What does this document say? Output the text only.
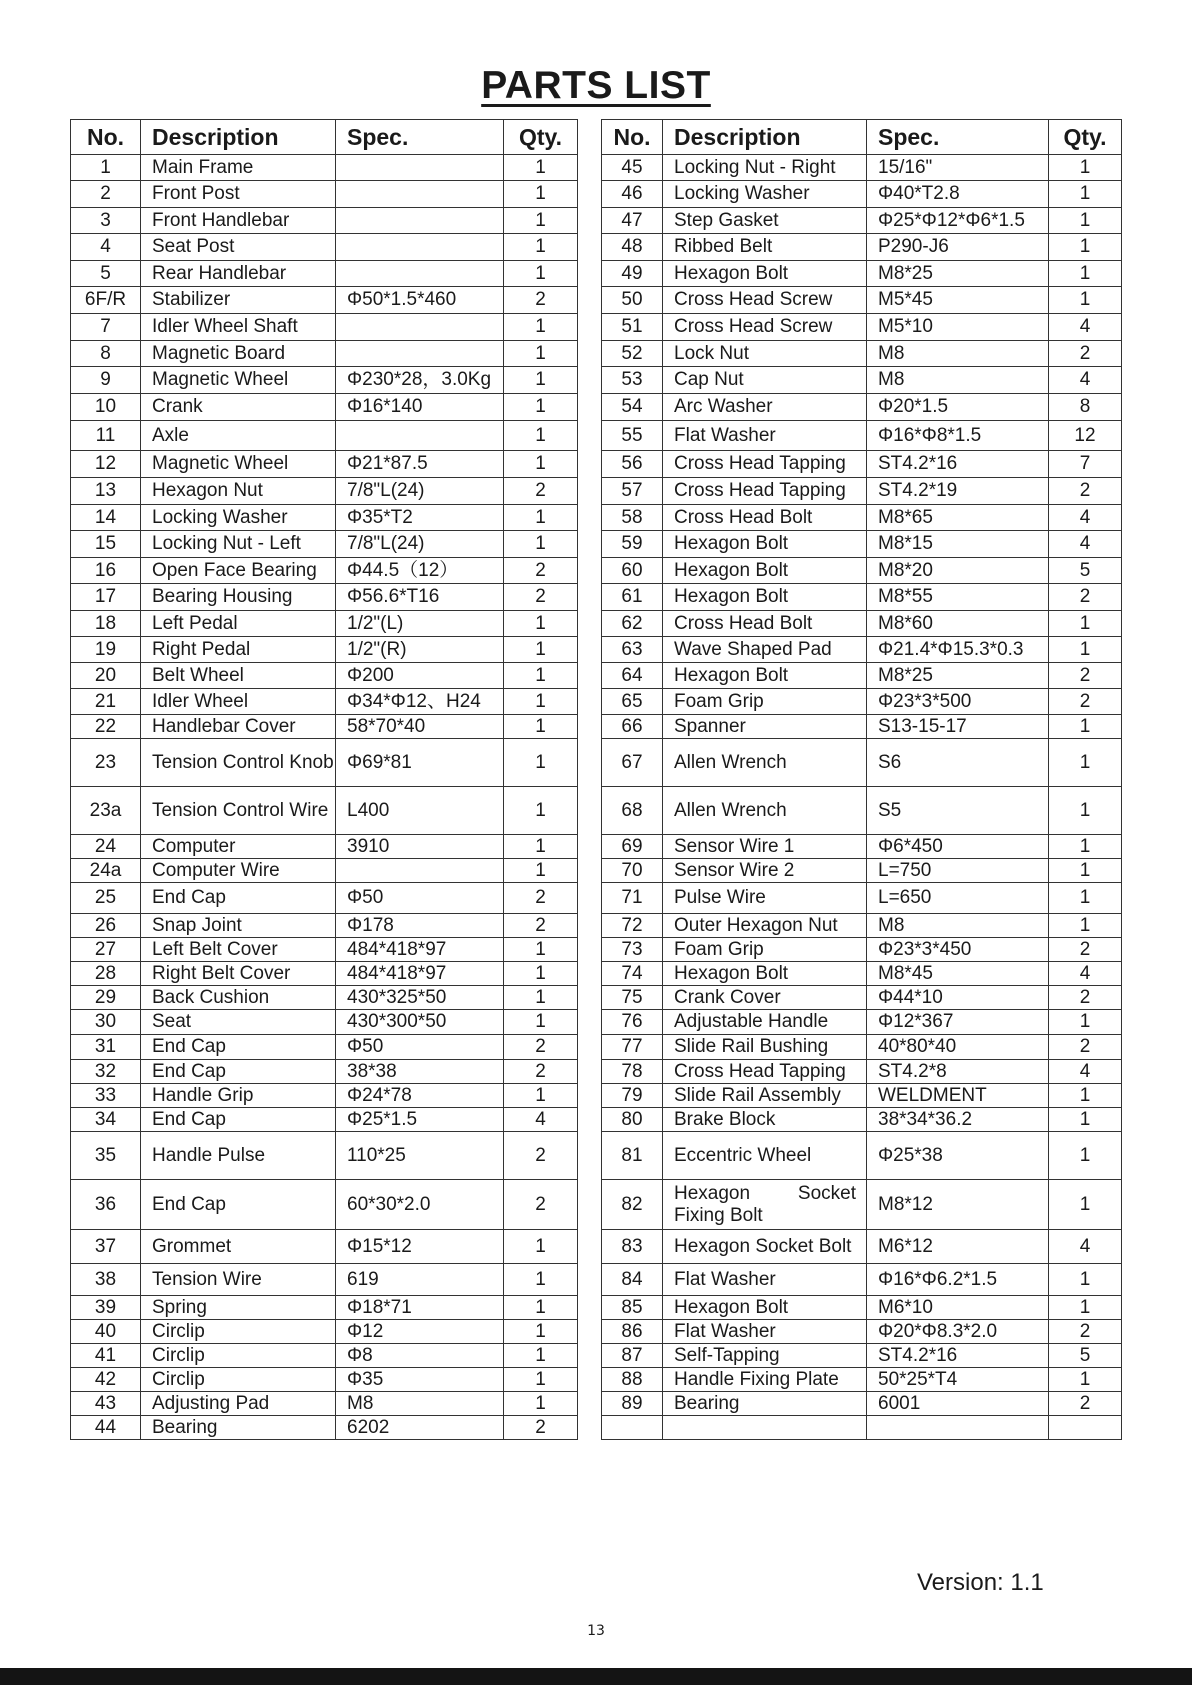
PARTS LIST
No.	Description	Spec.	Qty.		No.	Description	Spec.	Qty.
1	Main Frame		1		45	Locking Nut - Right	15/16"	1
2	Front Post		1		46	Locking Washer	Φ40*T2.8	1
3	Front Handlebar		1		47	Step Gasket	Φ25*Φ12*Φ6*1.5	1
4	Seat Post		1		48	Ribbed Belt	P290-J6	1
5	Rear Handlebar		1		49	Hexagon Bolt	M8*25	1
6F/R	Stabilizer	Φ50*1.5*460	2		50	Cross Head Screw	M5*45	1
7	Idler Wheel Shaft		1		51	Cross Head Screw	M5*10	4
8	Magnetic Board		1		52	Lock Nut	M8	2
9	Magnetic Wheel	Φ230*28，3.0Kg	1		53	Cap Nut	M8	4
10	Crank	Φ16*140	1		54	Arc Washer	Φ20*1.5	8
11	Axle		1		55	Flat Washer	Φ16*Φ8*1.5	12
12	Magnetic Wheel	Φ21*87.5	1		56	Cross Head Tapping	ST4.2*16	7
13	Hexagon Nut	7/8"L(24)	2		57	Cross Head Tapping	ST4.2*19	2
14	Locking Washer	Φ35*T2	1		58	Cross Head Bolt	M8*65	4
15	Locking Nut - Left	7/8"L(24)	1		59	Hexagon Bolt	M8*15	4
16	Open Face Bearing	Φ44.5（12）	2		60	Hexagon Bolt	M8*20	5
17	Bearing Housing	Φ56.6*T16	2		61	Hexagon Bolt	M8*55	2
18	Left Pedal	1/2"(L)	1		62	Cross Head Bolt	M8*60	1
19	Right Pedal	1/2"(R)	1		63	Wave Shaped Pad	Φ21.4*Φ15.3*0.3	1
20	Belt Wheel	Φ200	1		64	Hexagon Bolt	M8*25	2
21	Idler Wheel	Φ34*Φ12、H24	1		65	Foam Grip	Φ23*3*500	2
22	Handlebar Cover	58*70*40	1		66	Spanner	S13-15-17	1
23	Tension Control Knob	Φ69*81	1		67	Allen Wrench	S6	1
23a	Tension Control Wire	L400	1		68	Allen Wrench	S5	1
24	Computer	3910	1		69	Sensor Wire 1	Φ6*450	1
24a	Computer Wire		1		70	Sensor Wire 2	L=750	1
25	End Cap	Φ50	2		71	Pulse Wire	L=650	1
26	Snap Joint	Φ178	2		72	Outer Hexagon Nut	M8	1
27	Left Belt Cover	484*418*97	1		73	Foam Grip	Φ23*3*450	2
28	Right Belt Cover	484*418*97	1		74	Hexagon Bolt	M8*45	4
29	Back Cushion	430*325*50	1		75	Crank Cover	Φ44*10	2
30	Seat	430*300*50	1		76	Adjustable Handle	Φ12*367	1
31	End Cap	Φ50	2		77	Slide Rail Bushing	40*80*40	2
32	End Cap	38*38	2		78	Cross Head Tapping	ST4.2*8	4
33	Handle Grip	Φ24*78	1		79	Slide Rail Assembly	WELDMENT	1
34	End Cap	Φ25*1.5	4		80	Brake Block	38*34*36.2	1
35	Handle Pulse	110*25	2		81	Eccentric Wheel	Φ25*38	1
36	End Cap	60*30*2.0	2		82	Hexagon Socket Fixing Bolt	M8*12	1
37	Grommet	Φ15*12	1		83	Hexagon Socket Bolt	M6*12	4
38	Tension Wire	619	1		84	Flat Washer	Φ16*Φ6.2*1.5	1
39	Spring	Φ18*71	1		85	Hexagon Bolt	M6*10	1
40	Circlip	Φ12	1		86	Flat Washer	Φ20*Φ8.3*2.0	2
41	Circlip	Φ8	1		87	Self-Tapping	ST4.2*16	5
42	Circlip	Φ35	1		88	Handle Fixing Plate	50*25*T4	1
43	Adjusting Pad	M8	1		89	Bearing	6001	2
44	Bearing	6202	2					
Version: 1.1
13
